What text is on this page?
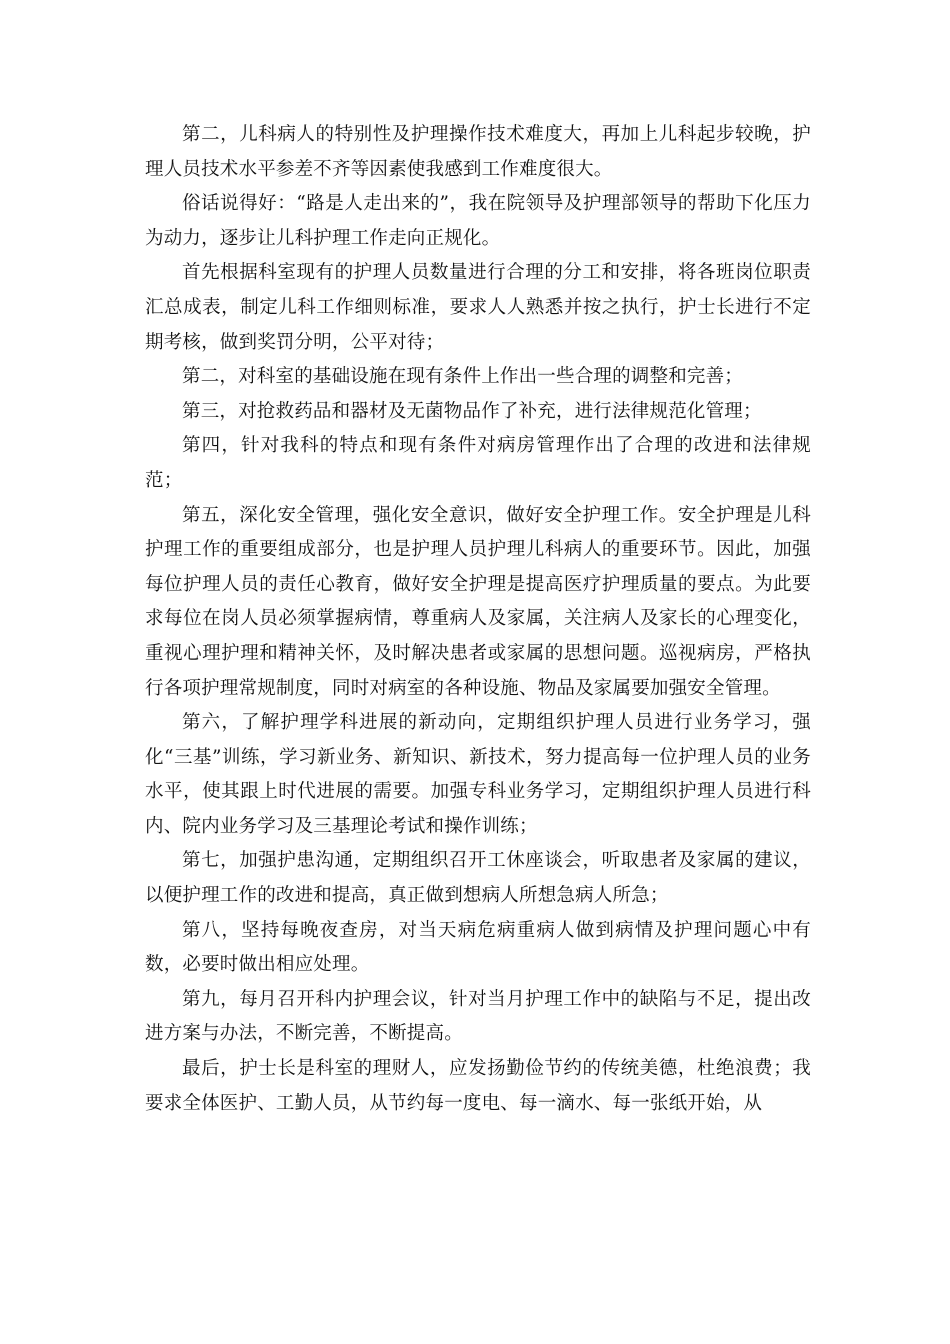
第二，儿科病人的特别性及护理操作技术难度大，再加上儿科起步较晚，护理人员技术水平参差不齐等因素使我感到工作难度很大。

俗话说得好：“路是人走出来的”，我在院领导及护理部领导的帮助下化压力为动力，逐步让儿科护理工作走向正规化。

首先根据科室现有的护理人员数量进行合理的分工和安排，将各班岗位职责汇总成表，制定儿科工作细则标准，要求人人熟悉并按之执行，护士长进行不定期考核，做到奖罚分明，公平对待；

第二，对科室的基础设施在现有条件上作出一些合理的调整和完善；

第三，对抢救药品和器材及无菌物品作了补充，进行法律规范化管理；

第四，针对我科的特点和现有条件对病房管理作出了合理的改进和法律规范；

第五，深化安全管理，强化安全意识，做好安全护理工作。安全护理是儿科护理工作的重要组成部分，也是护理人员护理儿科病人的重要环节。因此，加强每位护理人员的责任心教育，做好安全护理是提高医疗护理质量的要点。为此要求每位在岗人员必须掌握病情，尊重病人及家属，关注病人及家长的心理变化，重视心理护理和精神关怀，及时解决患者或家属的思想问题。巡视病房，严格执行各项护理常规制度，同时对病室的各种设施、物品及家属要加强安全管理。

第六，了解护理学科进展的新动向，定期组织护理人员进行业务学习，强化“三基”训练，学习新业务、新知识、新技术，努力提高每一位护理人员的业务水平，使其跟上时代进展的需要。加强专科业务学习，定期组织护理人员进行科内、院内业务学习及三基理论考试和操作训练；

第七，加强护患沟通，定期组织召开工休座谈会，听取患者及家属的建议，以便护理工作的改进和提高，真正做到想病人所想急病人所急；

第八，坚持每晚夜查房，对当天病危病重病人做到病情及护理问题心中有数，必要时做出相应处理。

第九，每月召开科内护理会议，针对当月护理工作中的缺陷与不足，提出改进方案与办法，不断完善，不断提高。

最后，护士长是科室的理财人，应发扬勤俭节约的传统美德，杜绝浪费；我要求全体医护、工勤人员，从节约每一度电、每一滴水、每一张纸开始，从
